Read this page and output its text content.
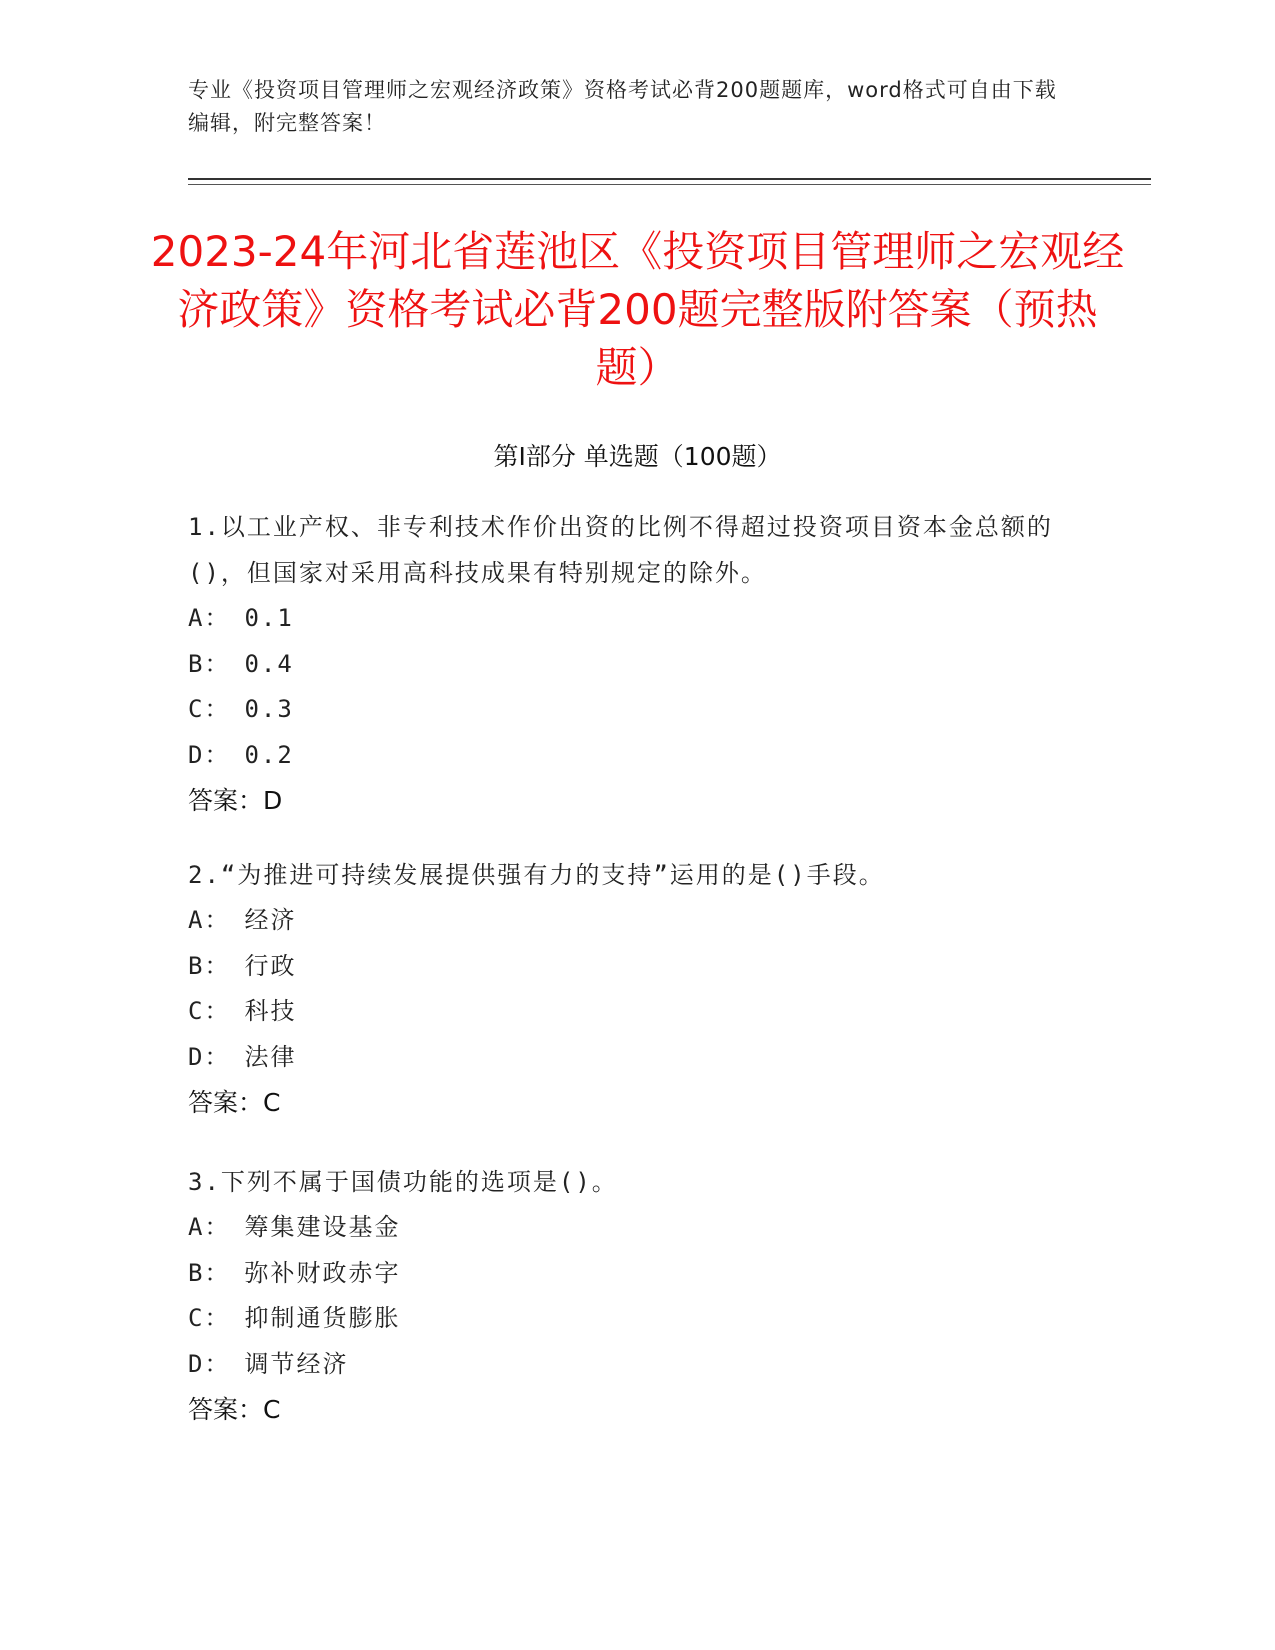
专业《投资项目管理师之宏观经济政策》资格考试必背200题题库，word格式可自由下载编辑，附完整答案！
2023-24年河北省莲池区《投资项目管理师之宏观经济政策》资格考试必背200题完整版附答案（预热题）
第Ⅰ部分 单选题（100题）

1.以工业产权、非专利技术作价出资的比例不得超过投资项目资本金总额的()，但国家对采用高科技成果有特别规定的除外。

A： 0.1

B： 0.4

C： 0.3

D： 0.2

答案：D

2.“为推进可持续发展提供强有力的支持”运用的是()手段。

A： 经济

B： 行政

C： 科技

D： 法律

答案：C

3.下列不属于国债功能的选项是()。

A： 筹集建设基金

B： 弥补财政赤字

C： 抑制通货膨胀

D： 调节经济

答案：C
